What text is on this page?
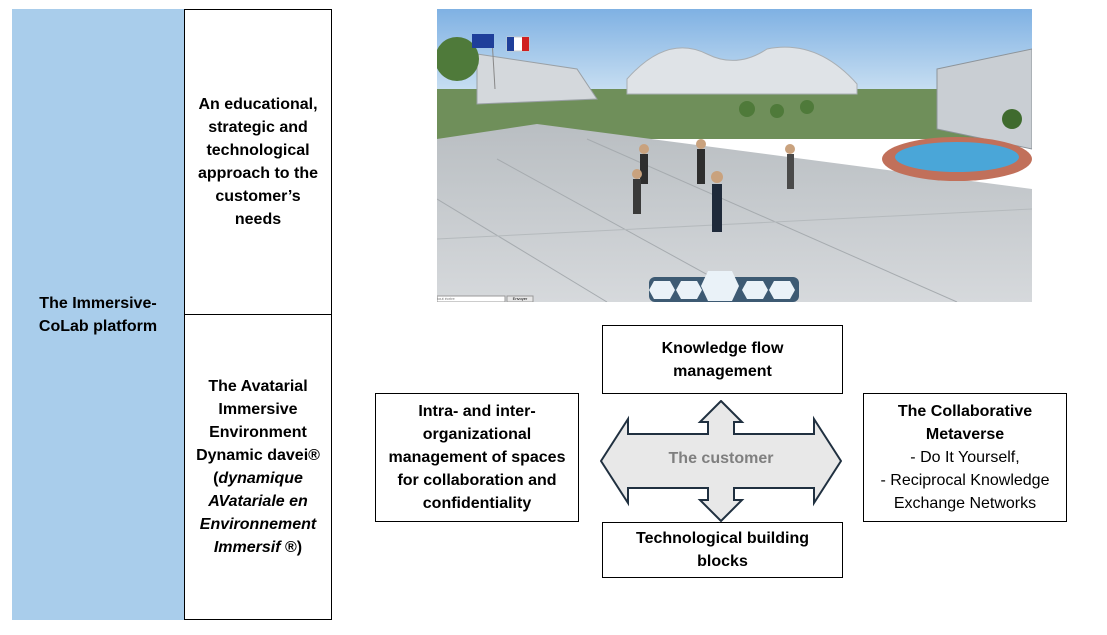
The Immersive-CoLab platform
An educational, strategic and technological approach to the customer’s needs
The Avatarial Immersive Environment Dynamic davei® (dynamique AVatariale en Environnement Immersif ®)
tout écrire	Envoyer
The customer
Knowledge flow management
Intra- and inter-organizational management of spaces for collaboration and confidentiality
Technological building blocks
The Collaborative Metaverse
- Do It Yourself,
- Reciprocal Knowledge Exchange Networks
